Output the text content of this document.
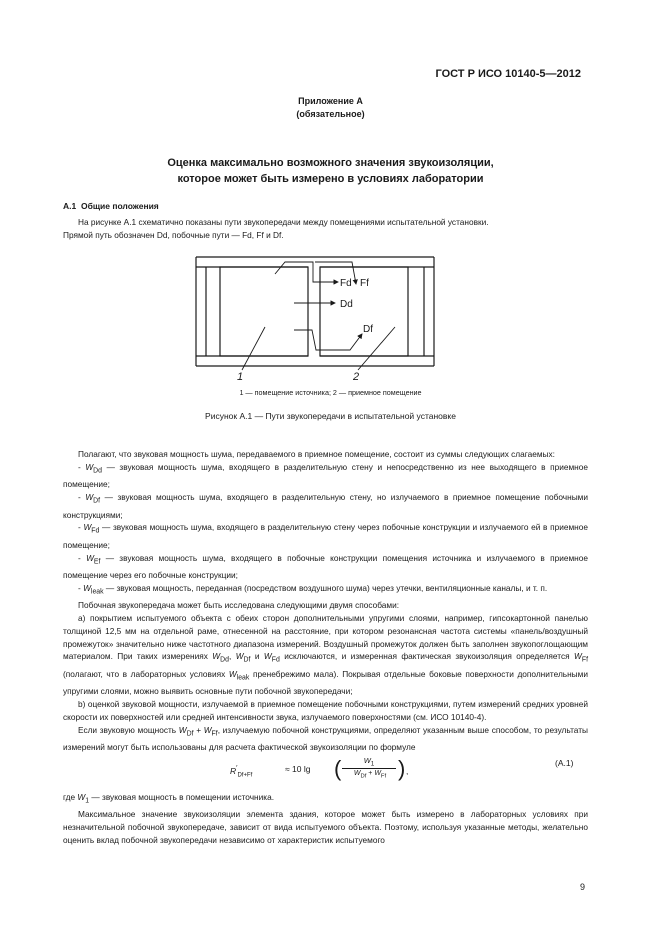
ГОСТ Р ИСО 10140-5—2012
Приложение А
(обязательное)
Оценка максимально возможного значения звукоизоляции,
которое может быть измерено в условиях лаборатории
А.1 Общие положения

На рисунке А.1 схематично показаны пути звукопередачи между помещениями испытательной установки.

Прямой путь обозначен Dd, побочные пути — Fd, Ff и Df.

Fd Ff
Dd
Df
1	2
1 — помещение источника; 2 — приемное помещение
Рисунок А.1 — Пути звукопередачи в испытательной установке

Полагают, что звуковая мощность шума, передаваемого в приемное помещение, состоит из суммы следующих слагаемых:

- $W_{Dd}$ — звуковая мощность шума, входящего в разделительную стену и непосредственно из нее выходящего в приемное помещение;

- $W_{Df}$ — звуковая мощность шума, входящего в разделительную стену, но излучаемого в приемное помещение побочными конструкциями;

- $W_{Fd}$ — звуковая мощность шума, входящего в разделительную стену через побочные конструкции и излучаемого ей в приемное помещение;

- $W_{Ef}$ — звуковая мощность шума, входящего в побочные конструкции помещения источника и излучаемого в приемное помещение через его побочные конструкции;

- $W_{leak}$ — звуковая мощность, переданная (посредством воздушного шума) через утечки, вентиляционные каналы, и т. п.

Побочная звукопередача может быть исследована следующими двумя способами:

а) покрытием испытуемого объекта с обеих сторон дополнительными упругими слоями, например, гипсокартонной панелью толщиной 12,5 мм на отдельной раме, отнесенной на расстояние, при котором резонансная частота системы «панель/воздушный промежуток» значительно ниже частотного диапазона измерений. Воздушный промежуток должен быть заполнен звукопоглощающим материалом. При таких измерениях $W_{Dd}$, $W_{Df}$ и $W_{Fd}$ исключаются, и измеренная фактическая звукоизоляция определяется $W_{Ff}$ (полагают, что в лабораторных условиях $W_{leak}$ пренебрежимо мала). Покрывая отдельные боковые поверхности дополнительными упругими слоями, можно выявить основные пути побочной звукопередачи;

b) оценкой звуковой мощности, излучаемой в приемное помещение побочными конструкциями, путем измерений средних уровней скорости их поверхностей или средней интенсивности звука, излучаемого поверхностями (см. ИСО 10140-4).

Если звуковую мощность $W_{Df} + W_{Ff}$, излучаемую побочной конструкциями, определяют указанным выше способом, то результаты измерений могут быть использованы для расчета фактической звукоизоляции по формуле

$R'_{Df+Ff}$
≈ 10 lg (	$W_1$
$W_{Df} + W_{Ff}$ ) ,
(А.1)

где $W_1$ — звуковая мощность в помещении источника.

Максимальное значение звукоизоляции элемента здания, которое может быть измерено в лабораторных условиях при незначительной побочной звукопередаче, зависит от вида испытуемого объекта. Поэтому, используя указанные методы, желательно оценить вклад побочной звукопередачи независимо от характеристик испытуемого

9
